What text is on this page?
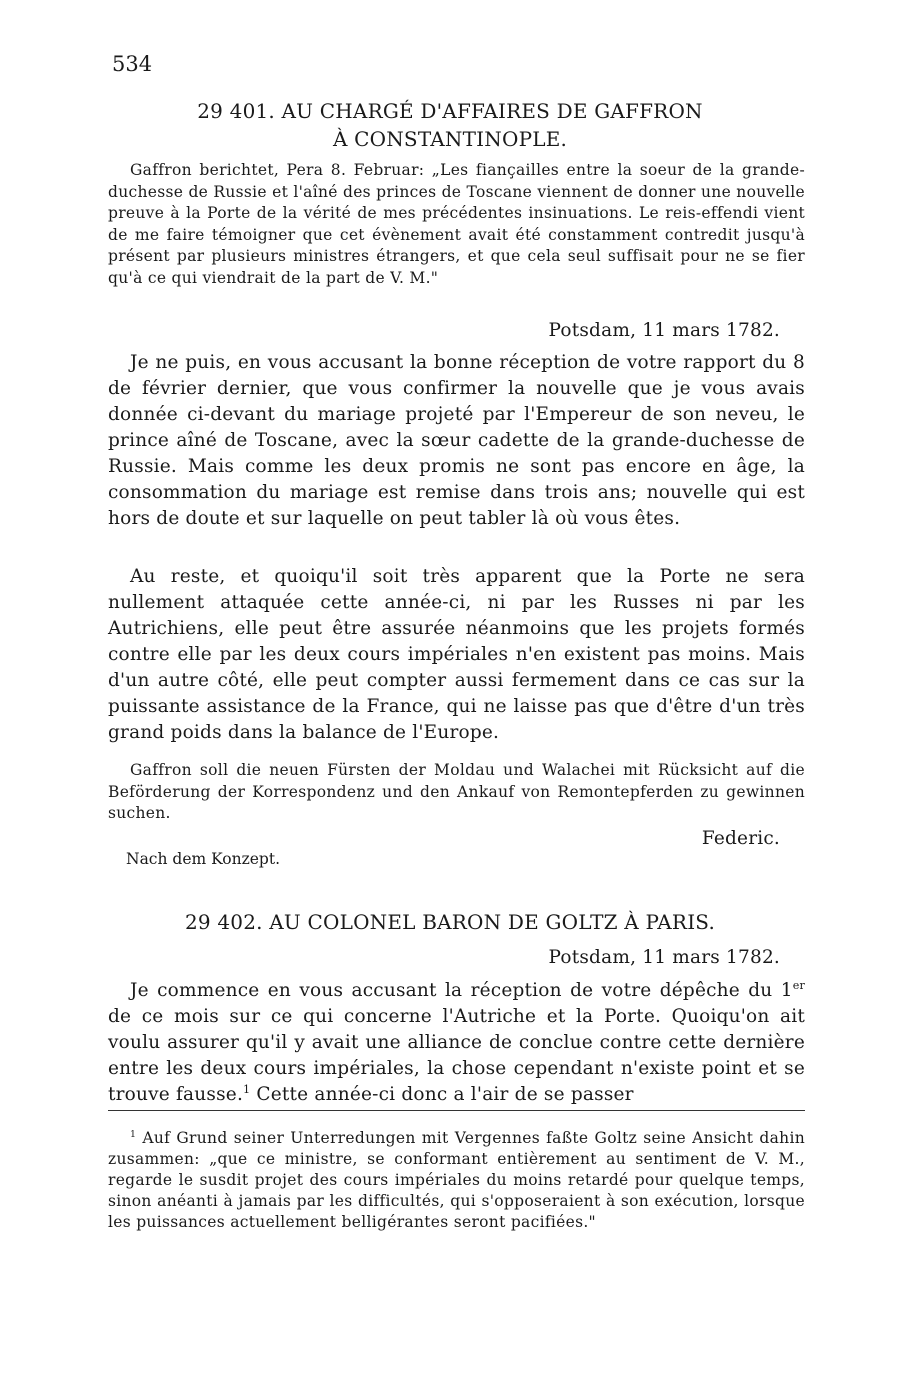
534
29 401. AU CHARGÉ D'AFFAIRES DE GAFFRON
À CONSTANTINOPLE.

Gaffron berichtet, Pera 8. Februar: „Les fiançailles entre la soeur de la grande-duchesse de Russie et l'aîné des princes de Toscane viennent de donner une nouvelle preuve à la Porte de la vérité de mes précédentes insinuations. Le reis-effendi vient de me faire témoigner que cet évènement avait été constamment contredit jusqu'à présent par plusieurs ministres étrangers, et que cela seul suffisait pour ne se fier qu'à ce qui viendrait de la part de V. M."

Potsdam, 11 mars 1782.

Je ne puis, en vous accusant la bonne réception de votre rapport du 8 de février dernier, que vous confirmer la nouvelle que je vous avais donnée ci-devant du mariage projeté par l'Empereur de son neveu, le prince aîné de Toscane, avec la sœur cadette de la grande-duchesse de Russie. Mais comme les deux promis ne sont pas encore en âge, la consommation du mariage est remise dans trois ans; nouvelle qui est hors de doute et sur laquelle on peut tabler là où vous êtes.

Au reste, et quoiqu'il soit très apparent que la Porte ne sera nullement attaquée cette année-ci, ni par les Russes ni par les Autrichiens, elle peut être assurée néanmoins que les projets formés contre elle par les deux cours impériales n'en existent pas moins. Mais d'un autre côté, elle peut compter aussi fermement dans ce cas sur la puissante assistance de la France, qui ne laisse pas que d'être d'un très grand poids dans la balance de l'Europe.

Gaffron soll die neuen Fürsten der Moldau und Walachei mit Rücksicht auf die Beförderung der Korrespondenz und den Ankauf von Remontepferden zu gewinnen suchen.

Federic.
Nach dem Konzept.
29 402. AU COLONEL BARON DE GOLTZ À PARIS.
Potsdam, 11 mars 1782.

Je commence en vous accusant la réception de votre dépêche du 1er de ce mois sur ce qui concerne l'Autriche et la Porte. Quoiqu'on ait voulu assurer qu'il y avait une alliance de conclue contre cette dernière entre les deux cours impériales, la chose cependant n'existe point et se trouve fausse.$^1$ Cette année-ci donc a l'air de se passer

$^1$ Auf Grund seiner Unterredungen mit Vergennes faßte Goltz seine Ansicht dahin zusammen: „que ce ministre, se conformant entièrement au sentiment de V. M., regarde le susdit projet des cours impériales du moins retardé pour quelque temps, sinon anéanti à jamais par les difficultés, qui s'opposeraient à son exécution, lorsque les puissances actuellement belligérantes seront pacifiées."
